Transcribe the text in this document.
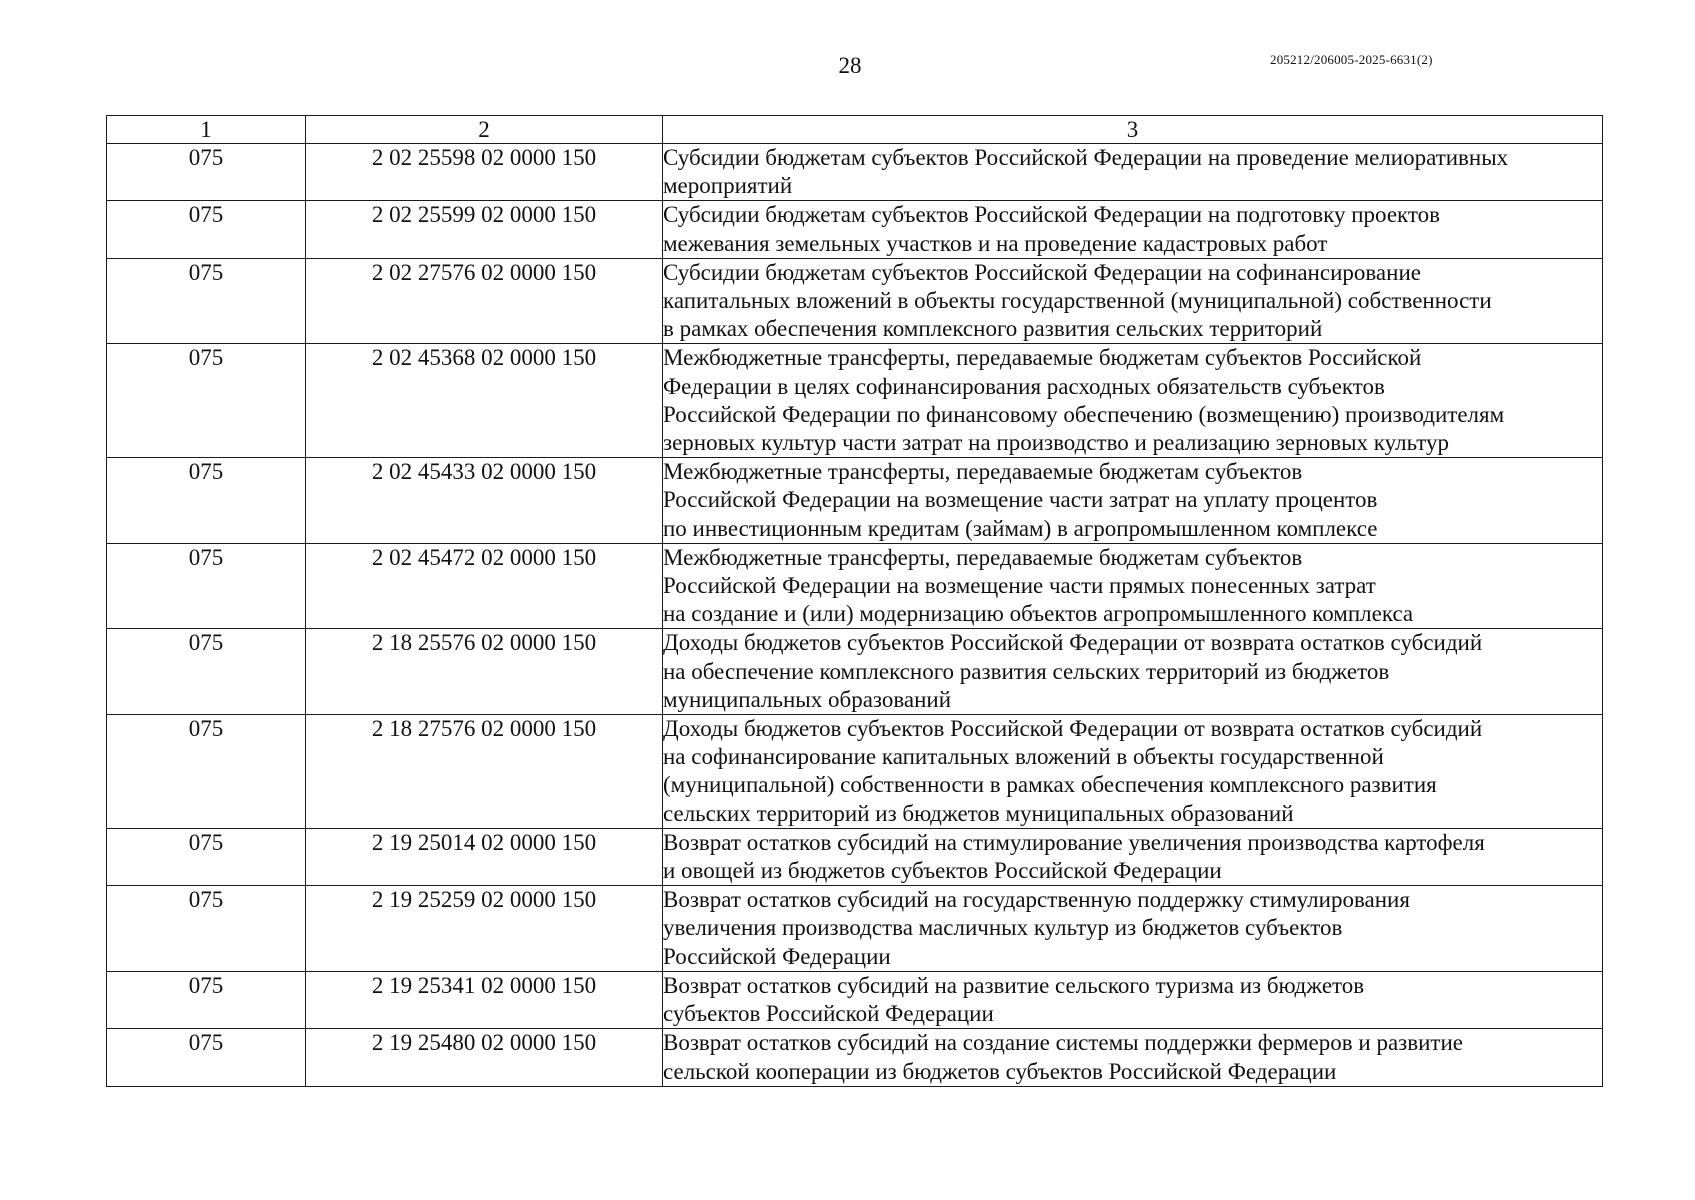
28	205212/206005-2025-6631(2)
1	2	3
075	2 02 25598 02 0000 150	Субсидии бюджетам субъектов Российской Федерации на проведение мелиоративных
мероприятий
075	2 02 25599 02 0000 150	Субсидии бюджетам субъектов Российской Федерации на подготовку проектов
межевания земельных участков и на проведение кадастровых работ
075	2 02 27576 02 0000 150	Субсидии бюджетам субъектов Российской Федерации на софинансирование
капитальных вложений в объекты государственной (муниципальной) собственности
в рамках обеспечения комплексного развития сельских территорий
075	2 02 45368 02 0000 150	Межбюджетные трансферты, передаваемые бюджетам субъектов Российской
Федерации в целях софинансирования расходных обязательств субъектов
Российской Федерации по финансовому обеспечению (возмещению) производителям
зерновых культур части затрат на производство и реализацию зерновых культур
075	2 02 45433 02 0000 150	Межбюджетные трансферты, передаваемые бюджетам субъектов
Российской Федерации на возмещение части затрат на уплату процентов
по инвестиционным кредитам (займам) в агропромышленном комплексе
075	2 02 45472 02 0000 150	Межбюджетные трансферты, передаваемые бюджетам субъектов
Российской Федерации на возмещение части прямых понесенных затрат
на создание и (или) модернизацию объектов агропромышленного комплекса
075	2 18 25576 02 0000 150	Доходы бюджетов субъектов Российской Федерации от возврата остатков субсидий
на обеспечение комплексного развития сельских территорий из бюджетов
муниципальных образований
075	2 18 27576 02 0000 150	Доходы бюджетов субъектов Российской Федерации от возврата остатков субсидий
на софинансирование капитальных вложений в объекты государственной
(муниципальной) собственности в рамках обеспечения комплексного развития
сельских территорий из бюджетов муниципальных образований
075	2 19 25014 02 0000 150	Возврат остатков субсидий на стимулирование увеличения производства картофеля
и овощей из бюджетов субъектов Российской Федерации
075	2 19 25259 02 0000 150	Возврат остатков субсидий на государственную поддержку стимулирования
увеличения производства масличных культур из бюджетов субъектов
Российской Федерации
075	2 19 25341 02 0000 150	Возврат остатков субсидий на развитие сельского туризма из бюджетов
субъектов Российской Федерации
075	2 19 25480 02 0000 150	Возврат остатков субсидий на создание системы поддержки фермеров и развитие
сельской кооперации из бюджетов субъектов Российской Федерации
